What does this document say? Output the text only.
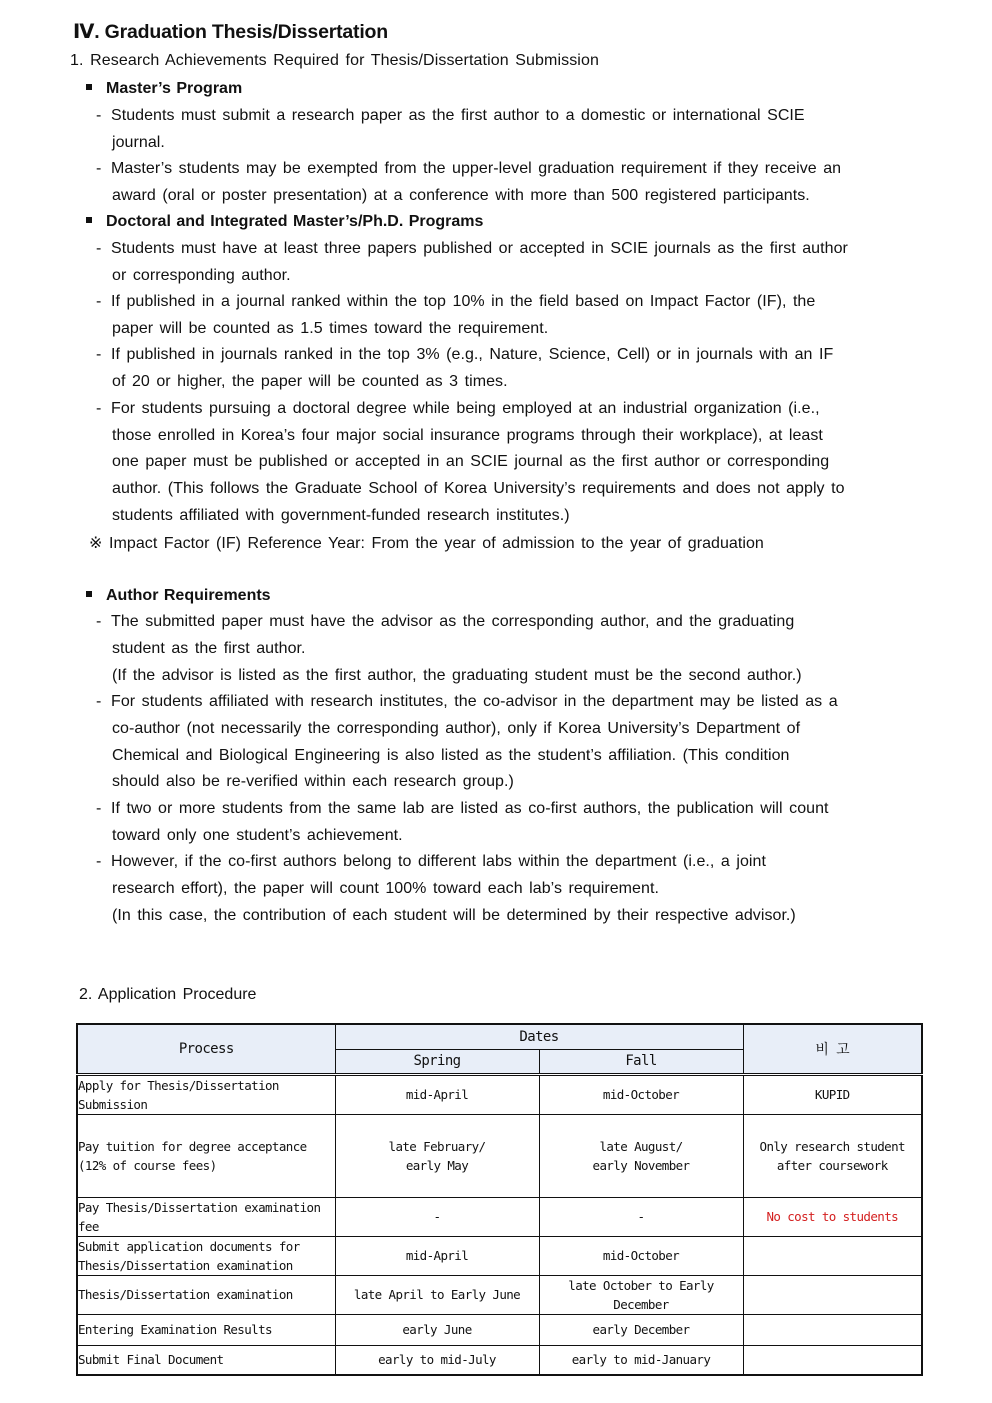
Ⅳ. Graduation Thesis/Dissertation
1. Research Achievements Required for Thesis/Dissertation Submission
Master’s Program
- Students must submit a research paper as the first author to a domestic or international SCIE
journal.
- Master’s students may be exempted from the upper-level graduation requirement if they receive an
award (oral or poster presentation) at a conference with more than 500 registered participants.
Doctoral and Integrated Master’s/Ph.D. Programs
- Students must have at least three papers published or accepted in SCIE journals as the first author
or corresponding author.
- If published in a journal ranked within the top 10% in the field based on Impact Factor (IF), the
paper will be counted as 1.5 times toward the requirement.
- If published in journals ranked in the top 3% (e.g., Nature, Science, Cell) or in journals with an IF
of 20 or higher, the paper will be counted as 3 times.
- For students pursuing a doctoral degree while being employed at an industrial organization (i.e.,
those enrolled in Korea’s four major social insurance programs through their workplace), at least
one paper must be published or accepted in an SCIE journal as the first author or corresponding
author. (This follows the Graduate School of Korea University’s requirements and does not apply to
students affiliated with government-funded research institutes.)
※ Impact Factor (IF) Reference Year: From the year of admission to the year of graduation
Author Requirements
- The submitted paper must have the advisor as the corresponding author, and the graduating
student as the first author.
(If the advisor is listed as the first author, the graduating student must be the second author.)
- For students affiliated with research institutes, the co-advisor in the department may be listed as a
co-author (not necessarily the corresponding author), only if Korea University’s Department of
Chemical and Biological Engineering is also listed as the student’s affiliation. (This condition
should also be re-verified within each research group.)
- If two or more students from the same lab are listed as co-first authors, the publication will count
toward only one student’s achievement.
- However, if the co-first authors belong to different labs within the department (i.e., a joint
research effort), the paper will count 100% toward each lab’s requirement.
(In this case, the contribution of each student will be determined by their respective advisor.)
2. Application Procedure
Process	Dates		비 고
	Spring	Fall	
Apply for Thesis/Dissertation Submission	mid-April	mid-October	KUPID
Pay tuition for degree acceptance
(12% of course fees)	late February/
early May	late August/
early November	Only research student
after coursework
Pay Thesis/Dissertation examination fee	-	-	No cost to students
Submit application documents for
Thesis/Dissertation examination	mid-April	mid-October	
Thesis/Dissertation examination	late April to Early June	late October to Early December	
Entering Examination Results	early June	early December	
Submit Final Document	early to mid-July	early to mid-January	
